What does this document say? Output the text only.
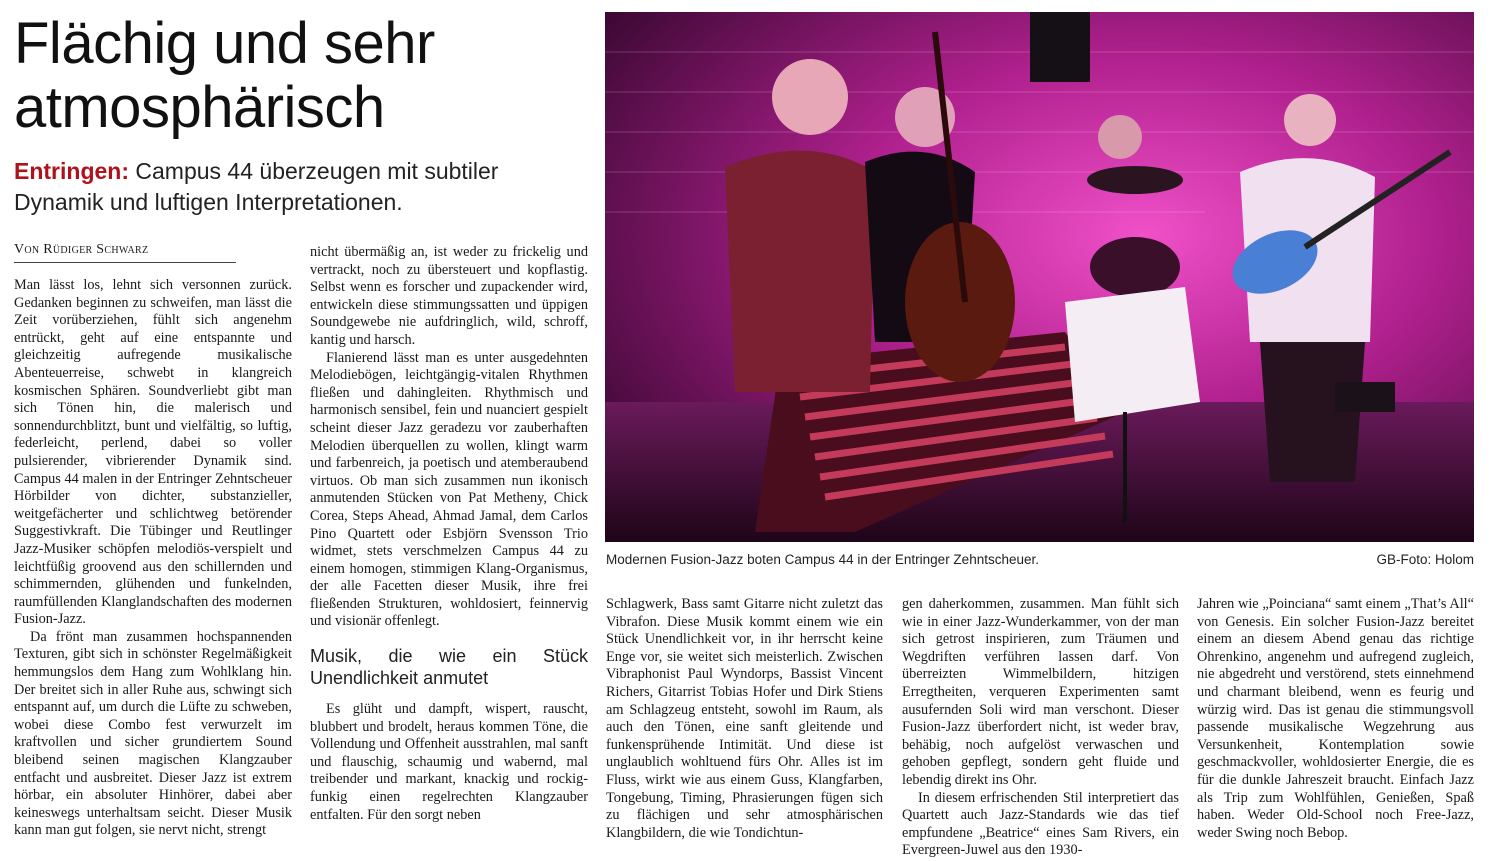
Flächig und sehr
atmosphärisch
Entringen: Campus 44 überzeugen mit subtiler
Dynamik und luftigen Interpretationen.
Von Rüdiger Schwarz

Man lässt los, lehnt sich versonnen zurück. Gedanken beginnen zu schweifen, man lässt die Zeit vorüberziehen, fühlt sich angenehm entrückt, geht auf eine entspannte und gleichzeitig aufregende musikalische Abenteuerreise, schwebt in klangreich kosmischen Sphären. Soundverliebt gibt man sich Tönen hin, die malerisch und sonnendurchblitzt, bunt und vielfältig, so luftig, federleicht, perlend, dabei so voller pulsierender, vibrierender Dynamik sind. Campus 44 malen in der Entringer Zehntscheuer Hörbilder von dichter, substanzieller, weitgefächerter und schlichtweg betörender Suggestivkraft. Die Tübinger und Reutlinger Jazz-Musiker schöpfen melodiös-verspielt und leichtfüßig groovend aus den schillernden und schimmernden, glühenden und funkelnden, raumfüllenden Klanglandschaften des modernen Fusion-Jazz.

Da frönt man zusammen hochspannenden Texturen, gibt sich in schönster Regelmäßigkeit hemmungslos dem Hang zum Wohlklang hin. Der breitet sich in aller Ruhe aus, schwingt sich entspannt auf, um durch die Lüfte zu schweben, wobei diese Combo fest verwurzelt im kraftvollen und sicher grundiertem Sound bleibend seinen magischen Klangzauber entfacht und ausbreitet. Dieser Jazz ist extrem hörbar, ein absoluter Hinhörer, dabei aber keineswegs unterhaltsam seicht. Dieser Musik kann man gut folgen, sie nervt nicht, strengt

nicht übermäßig an, ist weder zu frickelig und vertrackt, noch zu übersteuert und kopflastig. Selbst wenn es forscher und zupackender wird, entwickeln diese stimmungssatten und üppigen Soundgewebe nie aufdringlich, wild, schroff, kantig und harsch.

Flanierend lässt man es unter ausgedehnten Melodiebögen, leichtgängig-vitalen Rhythmen fließen und dahingleiten. Rhythmisch und harmonisch sensibel, fein und nuanciert gespielt scheint dieser Jazz geradezu vor zauberhaften Melodien überquellen zu wollen, klingt warm und farbenreich, ja poetisch und atemberaubend virtuos. Ob man sich zusammen nun ikonisch anmutenden Stücken von Pat Metheny, Chick Corea, Steps Ahead, Ahmad Jamal, dem Carlos Pino Quartett oder Esbjörn Svensson Trio widmet, stets verschmelzen Campus 44 zu einem homogen, stimmigen Klang-Organismus, der alle Facetten dieser Musik, ihre frei fließenden Strukturen, wohldosiert, feinnervig und visionär offenlegt.

Musik, die wie ein Stück Unendlichkeit anmutet

Es glüht und dampft, wispert, rauscht, blubbert und brodelt, heraus kommen Töne, die Vollendung und Offenheit ausstrahlen, mal sanft und flauschig, schaumig und wabernd, mal treibender und markant, knackig und rockig-funkig einen regelrechten Klangzauber entfalten. Für den sorgt neben

Modernen Fusion-Jazz boten Campus 44 in der Entringer Zehntscheuer.	GB-Foto: Holom

Schlagwerk, Bass samt Gitarre nicht zuletzt das Vibrafon. Diese Musik kommt einem wie ein Stück Unendlichkeit vor, in ihr herrscht keine Enge vor, sie weitet sich meisterlich. Zwischen Vibraphonist Paul Wyndorps, Bassist Vincent Richers, Gitarrist Tobias Hofer und Dirk Stiens am Schlagzeug entsteht, sowohl im Raum, als auch den Tönen, eine sanft gleitende und funkensprühende Intimität. Und diese ist unglaublich wohltuend fürs Ohr. Alles ist im Fluss, wirkt wie aus einem Guss, Klangfarben, Tongebung, Timing, Phrasierungen fügen sich zu flächigen und sehr atmosphärischen Klangbildern, die wie Tondichtun-

gen daherkommen, zusammen. Man fühlt sich wie in einer Jazz-Wunderkammer, von der man sich getrost inspirieren, zum Träumen und Wegdriften verführen lassen darf. Von überreizten Wimmelbildern, hitzigen Erregtheiten, verqueren Experimenten samt ausufernden Soli wird man verschont. Dieser Fusion-Jazz überfordert nicht, ist weder brav, behäbig, noch aufgelöst verwaschen und gehoben gepflegt, sondern geht fluide und lebendig direkt ins Ohr.

In diesem erfrischenden Stil interpretiert das Quartett auch Jazz-Standards wie das tief empfundene „Beatrice“ eines Sam Rivers, ein Evergreen-Juwel aus den 1930-

Jahren wie „Poinciana“ samt einem „That’s All“ von Genesis. Ein solcher Fusion-Jazz bereitet einem an diesem Abend genau das richtige Ohrenkino, angenehm und aufregend zugleich, nie abgedreht und verstörend, stets einnehmend und charmant bleibend, wenn es feurig und würzig wird. Das ist genau die stimmungsvoll passende musikalische Wegzehrung aus Versunkenheit, Kontemplation sowie geschmackvoller, wohldosierter Energie, die es für die dunkle Jahreszeit braucht. Einfach Jazz als Trip zum Wohlfühlen, Genießen, Spaß haben. Weder Old-School noch Free-Jazz, weder Swing noch Bebop.
